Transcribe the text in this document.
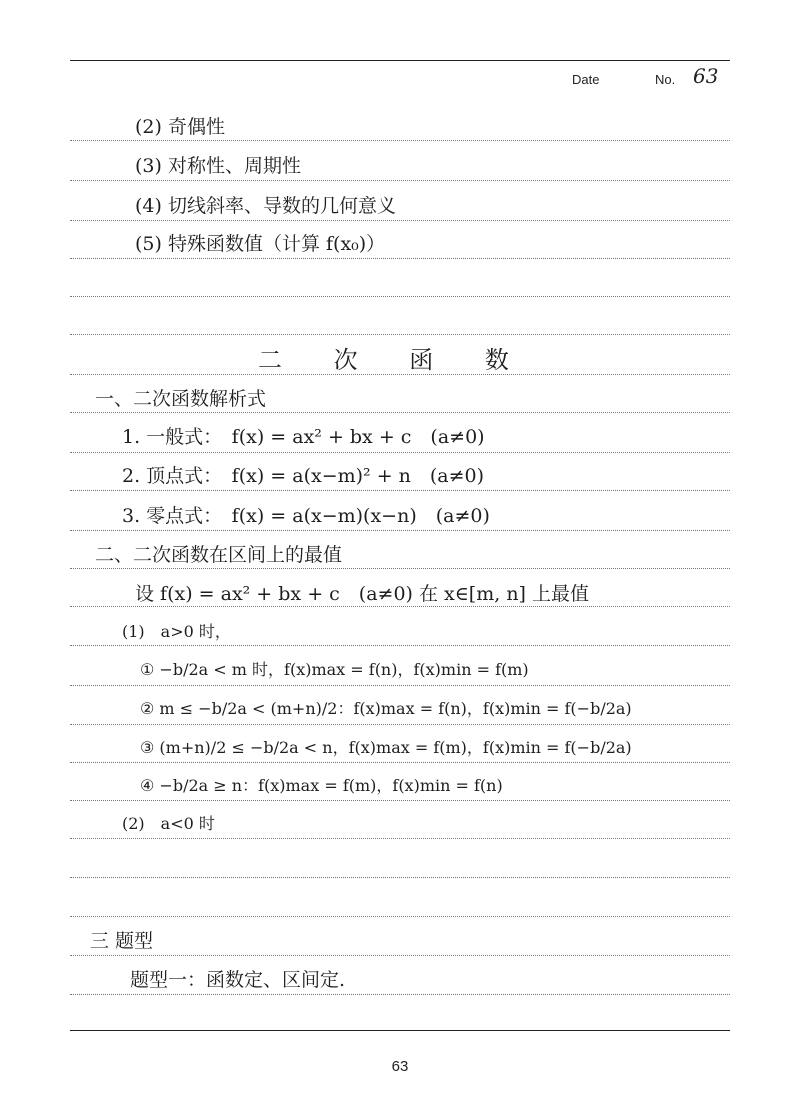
Date	No. 63
(2) 奇偶性
(3) 对称性、周期性
(4) 切线斜率、导数的几何意义
(5) 特殊函数值（计算 f(x₀)）
二 次 函 数
一、二次函数解析式
1. 一般式：　f(x) = ax² + bx + c　(a≠0)
2. 顶点式：　f(x) = a(x−m)² + n　(a≠0)
3. 零点式：　f(x) = a(x−m)(x−n)　(a≠0)
二、二次函数在区间上的最值
设 f(x) = ax² + bx + c　(a≠0) 在 x∈[m, n] 上最值
(1)　a>0 时，
① −b/2a < m 时，f(x)max = f(n)，f(x)min = f(m)
② m ≤ −b/2a < (m+n)/2：f(x)max = f(n)，f(x)min = f(−b/2a)
③ (m+n)/2 ≤ −b/2a < n，f(x)max = f(m)，f(x)min = f(−b/2a)
④ −b/2a ≥ n：f(x)max = f(m)，f(x)min = f(n)
(2)　a<0 时
三 题型
题型一：函数定、区间定.
63
